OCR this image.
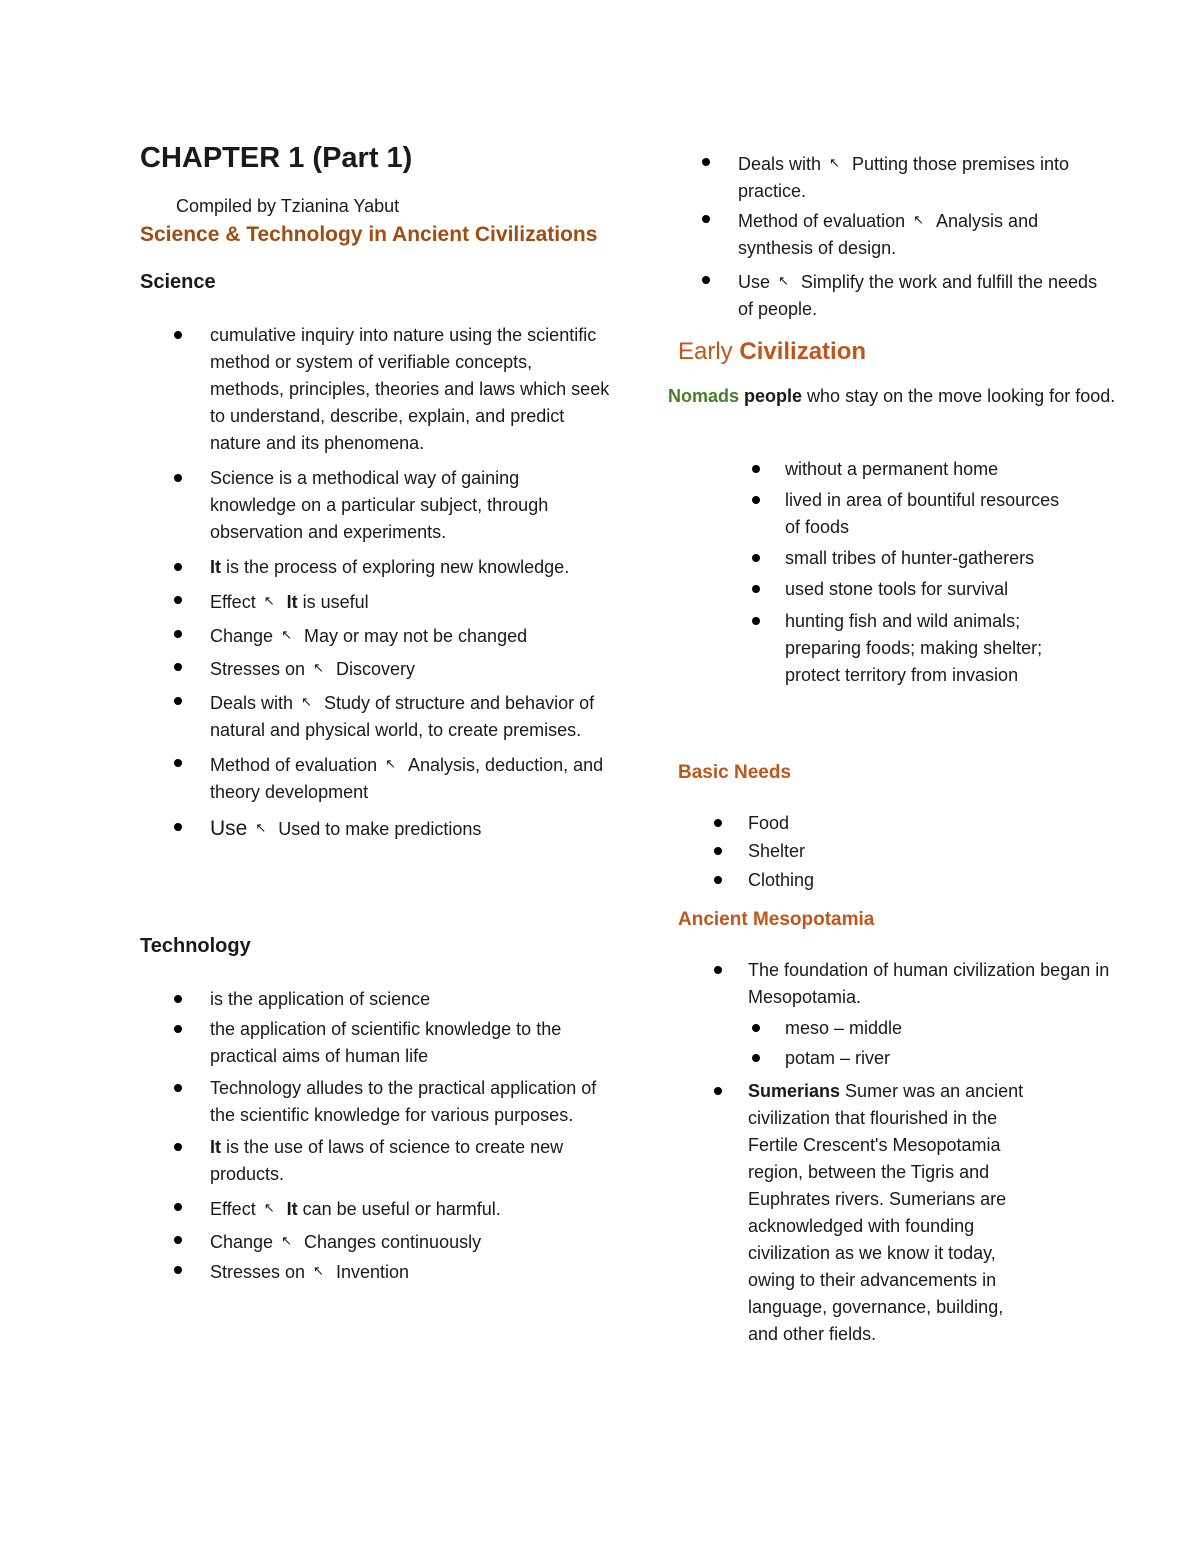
CHAPTER 1 (Part 1)
Compiled by Tzianina Yabut
Science & Technology in Ancient Civilizations
Science
cumulative inquiry into nature using the scientific method or system of verifiable concepts, methods, principles, theories and laws which seek to understand, describe, explain, and predict nature and its phenomena.
Science is a methodical way of gaining knowledge on a particular subject, through observation and experiments.
It is the process of exploring new knowledge.
Effect ↖ It is useful
Change ↖ May or may not be changed
Stresses on ↖ Discovery
Deals with ↖ Study of structure and behavior of natural and physical world, to create premises.
Method of evaluation ↖ Analysis, deduction, and theory development
Use ↖ Used to make predictions
Technology
is the application of science
the application of scientific knowledge to the practical aims of human life
Technology alludes to the practical application of the scientific knowledge for various purposes.
It is the use of laws of science to create new products.
Effect ↖ It can be useful or harmful.
Change ↖ Changes continuously
Stresses on ↖ Invention
Deals with ↖ Putting those premises into practice.
Method of evaluation ↖ Analysis and synthesis of design.
Use ↖ Simplify the work and fulfill the needs of people.
Early Civilization
Nomads people who stay on the move looking for food.
without a permanent home
lived in area of bountiful resources of foods
small tribes of hunter-gatherers
used stone tools for survival
hunting fish and wild animals; preparing foods; making shelter; protect territory from invasion
Basic Needs
Food
Shelter
Clothing
Ancient Mesopotamia
The foundation of human civilization began in Mesopotamia.
meso – middle
potam – river
Sumerians Sumer was an ancient civilization that flourished in the Fertile Crescent's Mesopotamia region, between the Tigris and Euphrates rivers. Sumerians are acknowledged with founding civilization as we know it today, owing to their advancements in language, governance, building, and other fields.
